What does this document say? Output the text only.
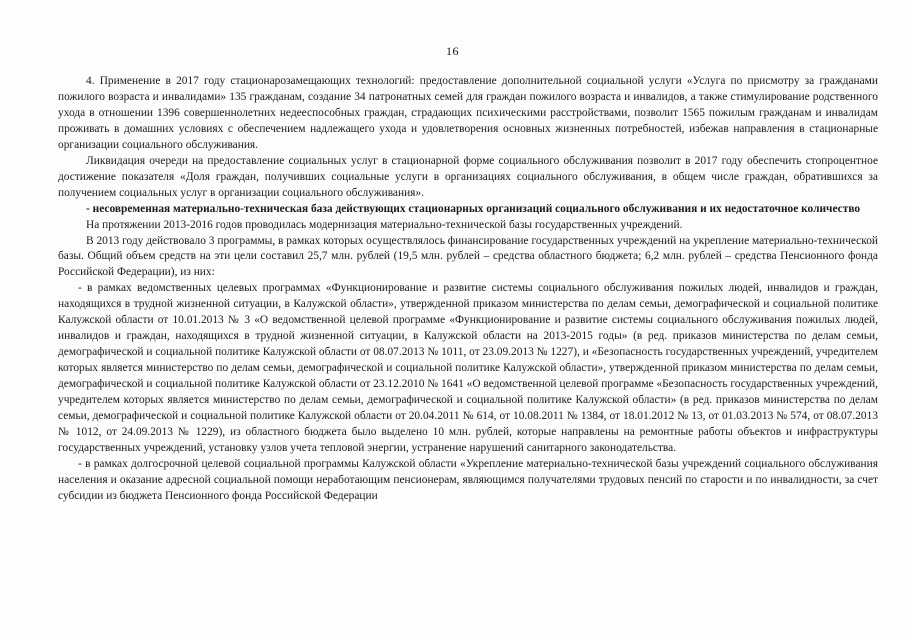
16

4. Применение в 2017 году стационарозамещающих технологий: предоставление дополнительной социальной услуги «Услуга по присмотру за гражданами пожилого возраста и инвалидами» 135 гражданам, создание 34 патронатных семей для граждан пожилого возраста и инвалидов, а также стимулирование родственного ухода в отношении 1396 совершеннолетних недееспособных граждан, страдающих психическими расстройствами, позволит 1565 пожилым гражданам и инвалидам проживать в домашних условиях с обеспечением надлежащего ухода и удовлетворения основных жизненных потребностей, избежав направления в стационарные организации социального обслуживания.

Ликвидация очереди на предоставление социальных услуг в стационарной форме социального обслуживания позволит в 2017 году обеспечить стопроцентное достижение показателя «Доля граждан, получивших социальные услуги в организациях социального обслуживания, в общем числе граждан, обратившихся за получением социальных услуг в организации социального обслуживания».

- несовременная материально-техническая база действующих стационарных организаций социального обслуживания и их недостаточное количество

На протяжении 2013-2016 годов проводилась модернизация материально-технической базы государственных учреждений.

В 2013 году действовало 3 программы, в рамках которых осуществлялось финансирование государственных учреждений на укрепление материально-технической базы. Общий объем средств на эти цели составил 25,7 млн. рублей (19,5 млн. рублей – средства областного бюджета; 6,2 млн. рублей – средства Пенсионного фонда Российской Федерации), из них:

- в рамках ведомственных целевых программах «Функционирование и развитие системы социального обслуживания пожилых людей, инвалидов и граждан, находящихся в трудной жизненной ситуации, в Калужской области», утвержденной приказом министерства по делам семьи, демографической и социальной политике Калужской области от 10.01.2013 № 3 «О ведомственной целевой программе «Функционирование и развитие системы социального обслуживания пожилых людей, инвалидов и граждан, находящихся в трудной жизненной ситуации, в Калужской области на 2013-2015 годы» (в ред. приказов министерства по делам семьи, демографической и социальной политике Калужской области от 08.07.2013 № 1011, от 23.09.2013 № 1227), и «Безопасность государственных учреждений, учредителем которых является министерство по делам семьи, демографической и социальной политике Калужской области», утвержденной приказом министерства по делам семьи, демографической и социальной политике Калужской области от 23.12.2010 № 1641 «О ведомственной целевой программе «Безопасность государственных учреждений, учредителем которых является министерство по делам семьи, демографической и социальной политике Калужской области» (в ред. приказов министерства по делам семьи, демографической и социальной политике Калужской области от 20.04.2011 № 614, от 10.08.2011 № 1384, от 18.01.2012 № 13, от 01.03.2013 № 574, от 08.07.2013 № 1012, от 24.09.2013 № 1229), из областного бюджета было выделено 10 млн. рублей, которые направлены на ремонтные работы объектов и инфраструктуры государственных учреждений, установку узлов учета тепловой энергии, устранение нарушений санитарного законодательства.

- в рамках долгосрочной целевой социальной программы Калужской области «Укрепление материально-технической базы учреждений социального обслуживания населения и оказание адресной социальной помощи неработающим пенсионерам, являющимся получателями трудовых пенсий по старости и по инвалидности, за счет субсидии из бюджета Пенсионного фонда Российской Федерации
